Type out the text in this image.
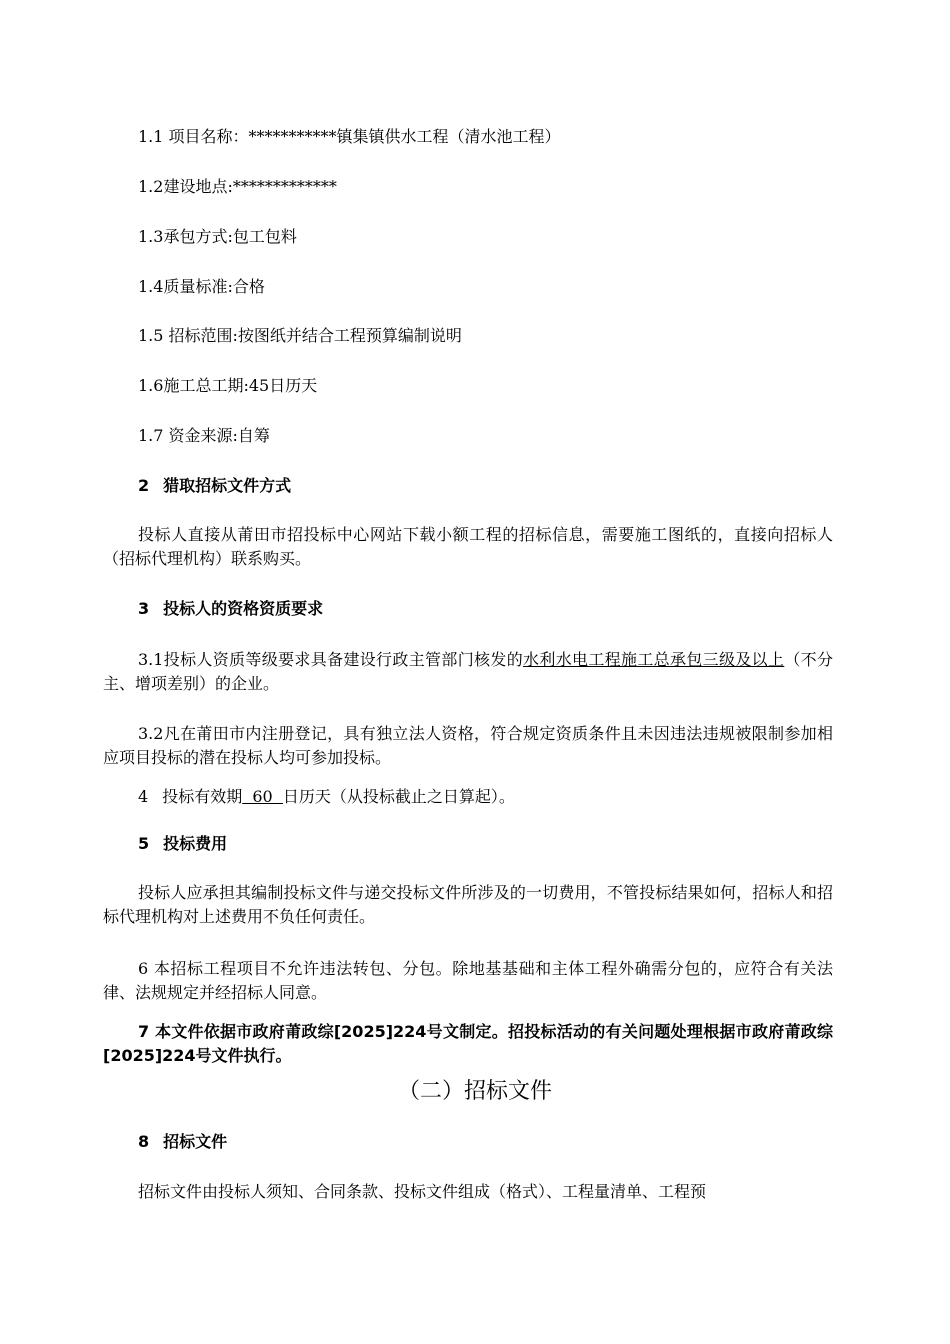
1.1 项目名称：***********镇集镇供水工程（清水池工程）

1.2建设地点:*************

1.3承包方式:包工包料

1.4质量标准:合格

1.5 招标范围:按图纸并结合工程预算编制说明

1.6施工总工期:45日历天

1.7 资金来源:自筹

2 猎取招标文件方式

投标人直接从莆田市招投标中心网站下载小额工程的招标信息，需要施工图纸的，直接向招标人（招标代理机构）联系购买。

3 投标人的资格资质要求

3.1投标人资质等级要求具备建设行政主管部门核发的水利水电工程施工总承包三级及以上（不分主、增项差别）的企业。

3.2凡在莆田市内注册登记，具有独立法人资格，符合规定资质条件且未因违法违规被限制参加相应项目投标的潜在投标人均可参加投标。

4 投标有效期  60  日历天（从投标截止之日算起）。

5 投标费用

投标人应承担其编制投标文件与递交投标文件所涉及的一切费用，不管投标结果如何，招标人和招标代理机构对上述费用不负任何责任。

6 本招标工程项目不允许违法转包、分包。除地基基础和主体工程外确需分包的，应符合有关法律、法规规定并经招标人同意。

7 本文件依据市政府莆政综[2025]224号文制定。招投标活动的有关问题处理根据市政府莆政综[2025]224号文件执行。

（二）招标文件

8 招标文件

招标文件由投标人须知、合同条款、投标文件组成（格式）、工程量清单、工程预
